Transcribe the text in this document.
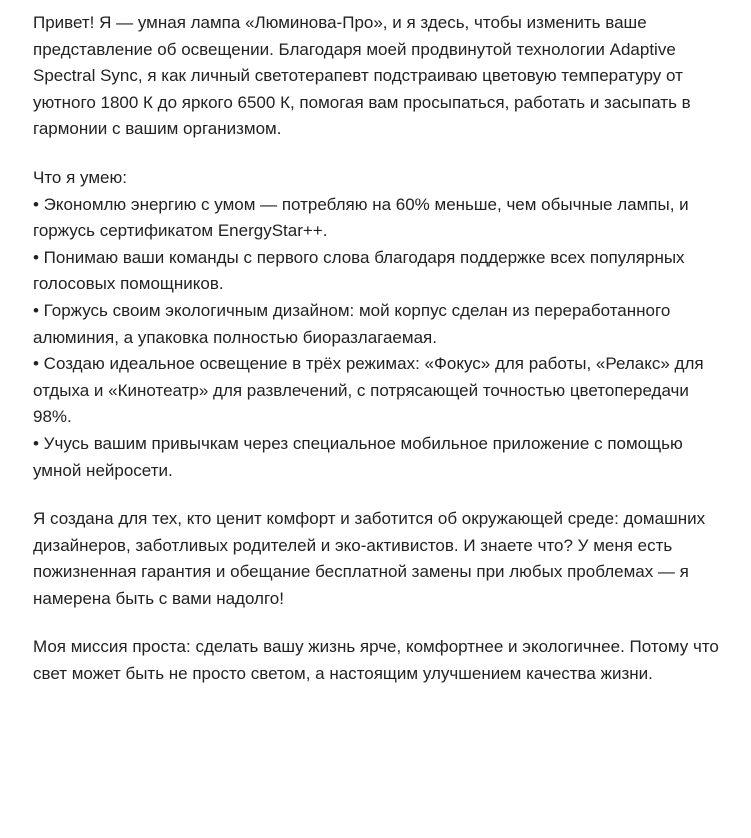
Привет! Я — умная лампа «Люминова-Про», и я здесь, чтобы изменить ваше представление об освещении. Благодаря моей продвинутой технологии Adaptive Spectral Sync, я как личный светотерапевт подстраиваю цветовую температуру от уютного 1800 К до яркого 6500 К, помогая вам просыпаться, работать и засыпать в гармонии с вашим организмом.

Что я умею:
• Экономлю энергию с умом — потребляю на 60% меньше, чем обычные лампы, и горжусь сертификатом EnergyStar++.
• Понимаю ваши команды с первого слова благодаря поддержке всех популярных голосовых помощников.
• Горжусь своим экологичным дизайном: мой корпус сделан из переработанного алюминия, а упаковка полностью биоразлагаемая.
• Создаю идеальное освещение в трёх режимах: «Фокус» для работы, «Релакс» для отдыха и «Кинотеатр» для развлечений, с потрясающей точностью цветопередачи 98%.
• Учусь вашим привычкам через специальное мобильное приложение с помощью умной нейросети.

Я создана для тех, кто ценит комфорт и заботится об окружающей среде: домашних дизайнеров, заботливых родителей и эко-активистов. И знаете что? У меня есть пожизненная гарантия и обещание бесплатной замены при любых проблемах — я намерена быть с вами надолго!

Моя миссия проста: сделать вашу жизнь ярче, комфортнее и экологичнее. Потому что свет может быть не просто светом, а настоящим улучшением качества жизни.
